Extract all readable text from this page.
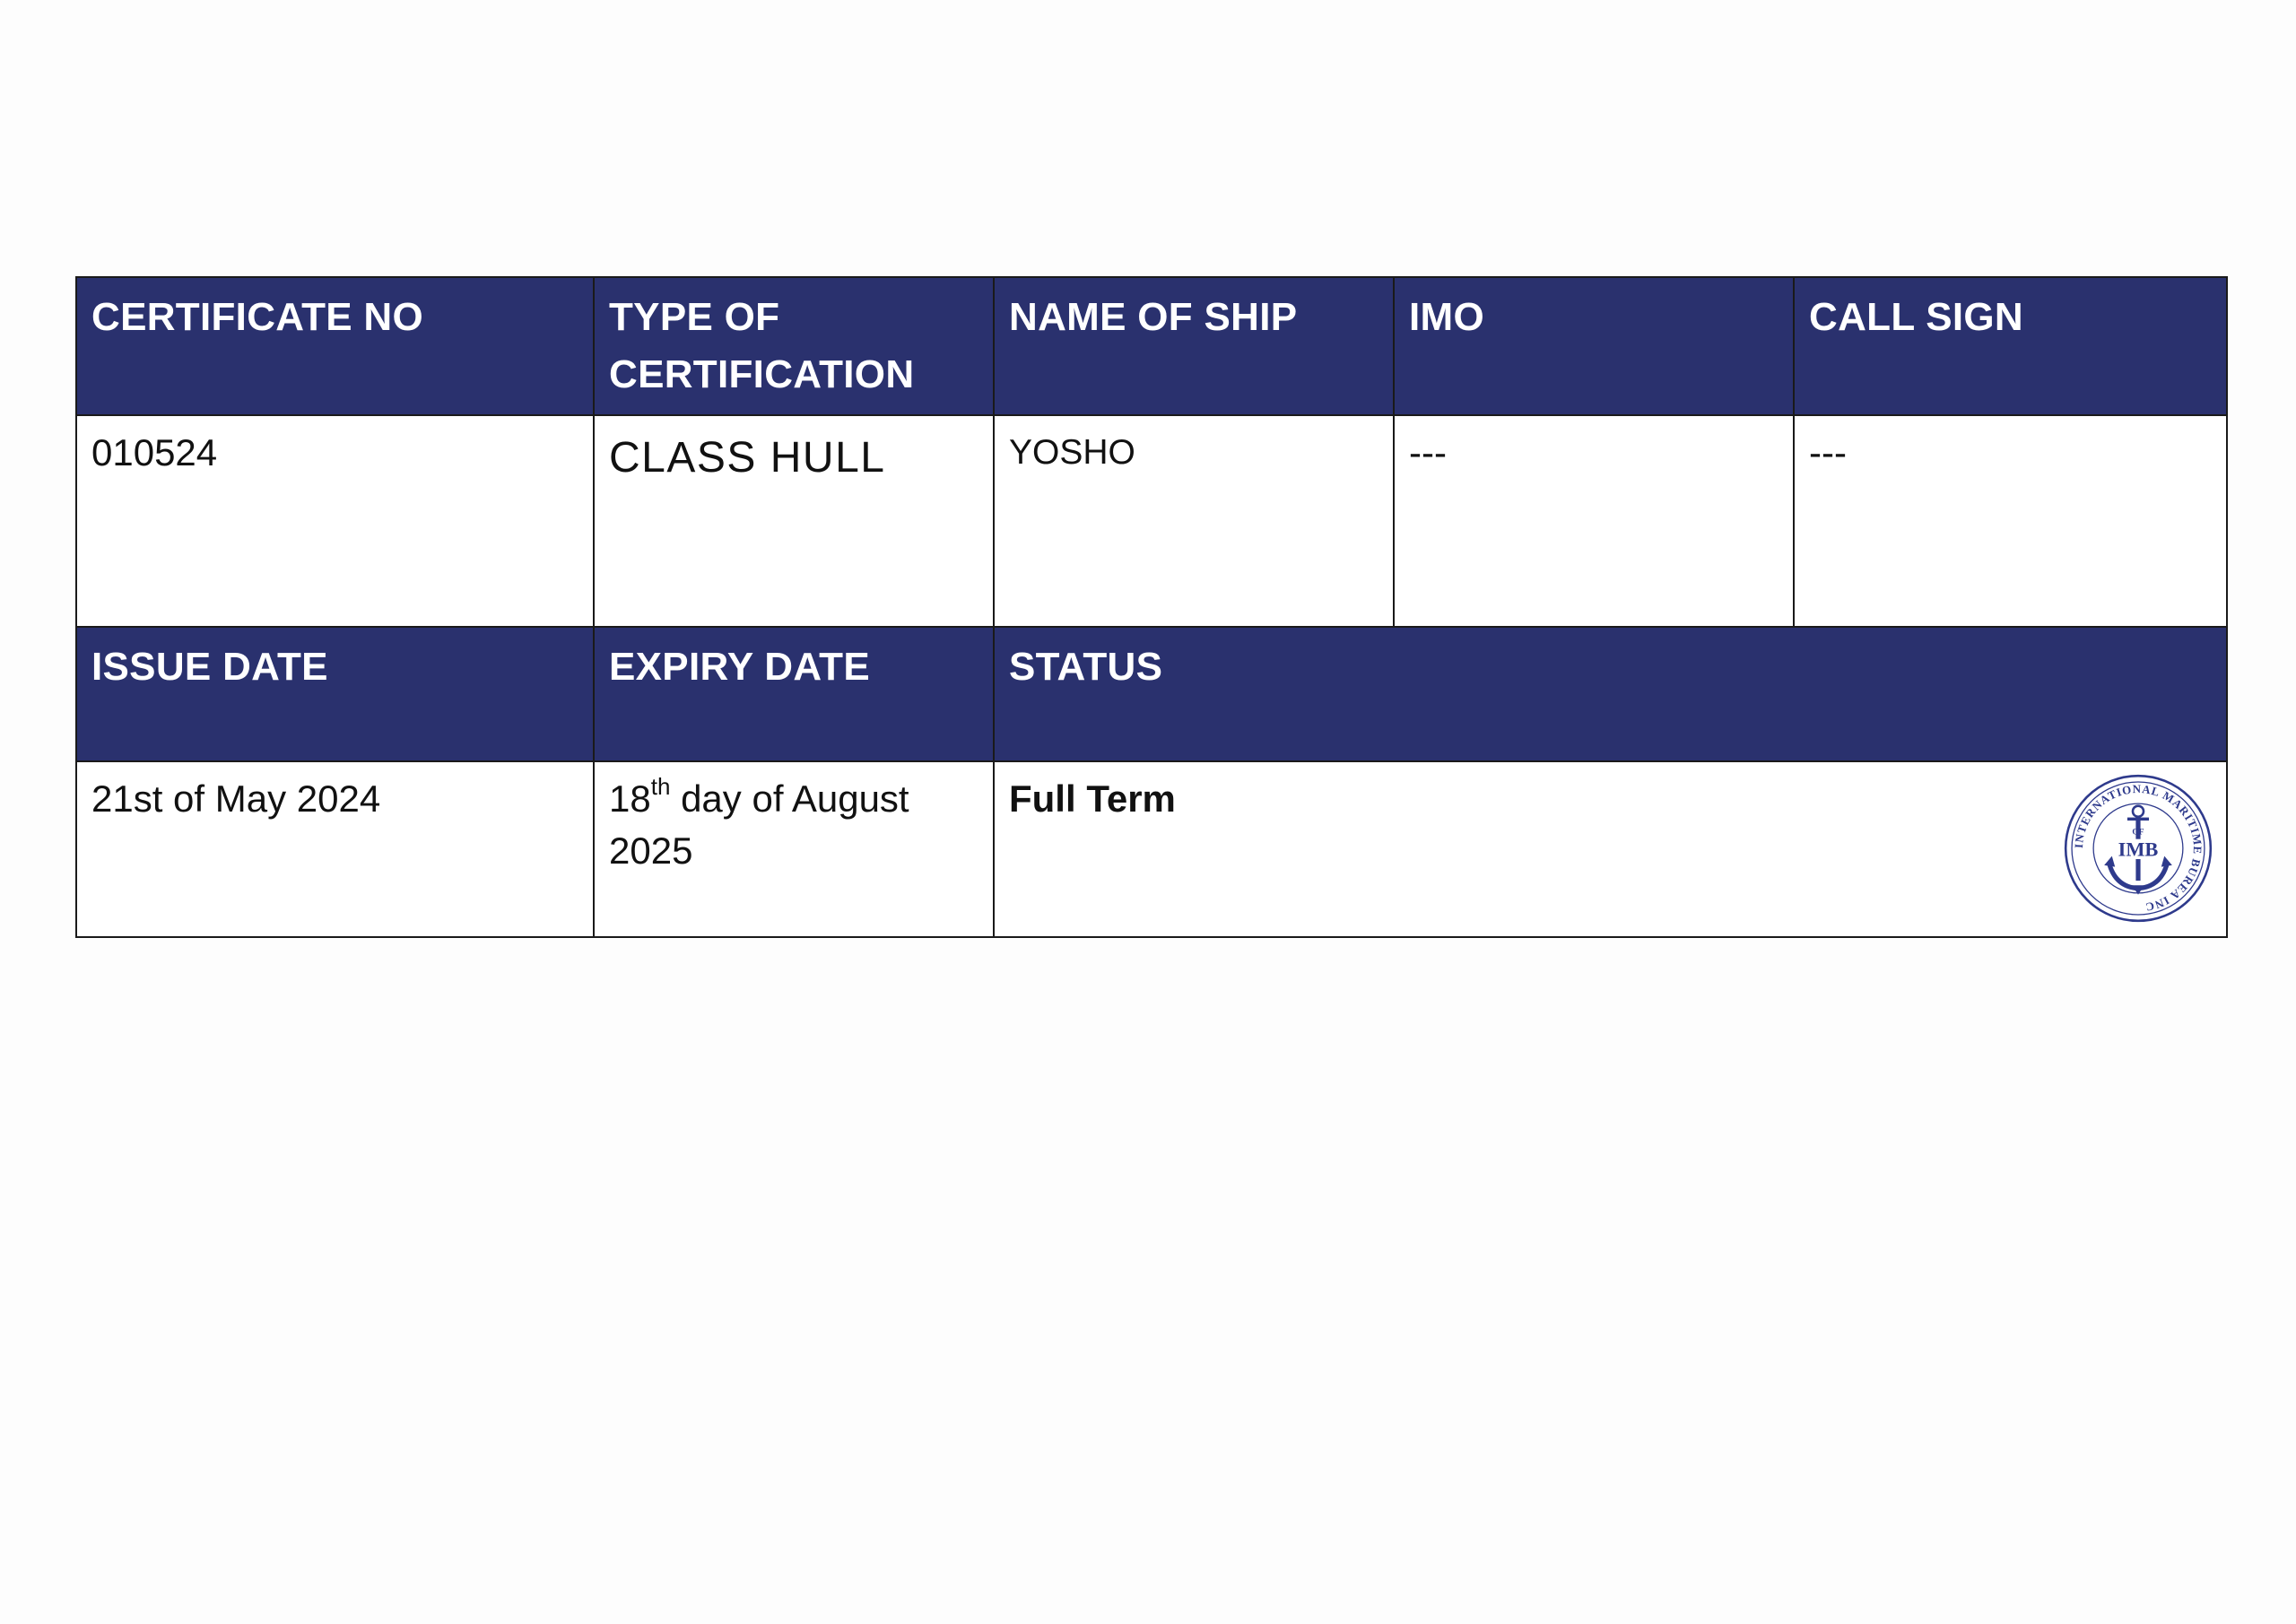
CERTIFICATE NO	TYPE OF CERTIFICATION	NAME OF SHIP	IMO	CALL SIGN
010524	CLASS HULL	YOSHO	---	---
ISSUE DATE	EXPIRY DATE	STATUS		
21st of May 2024	18th day of August 2025	Full Term
INTERNATIONAL MARITIME BUREA INC
OF
IMB		
